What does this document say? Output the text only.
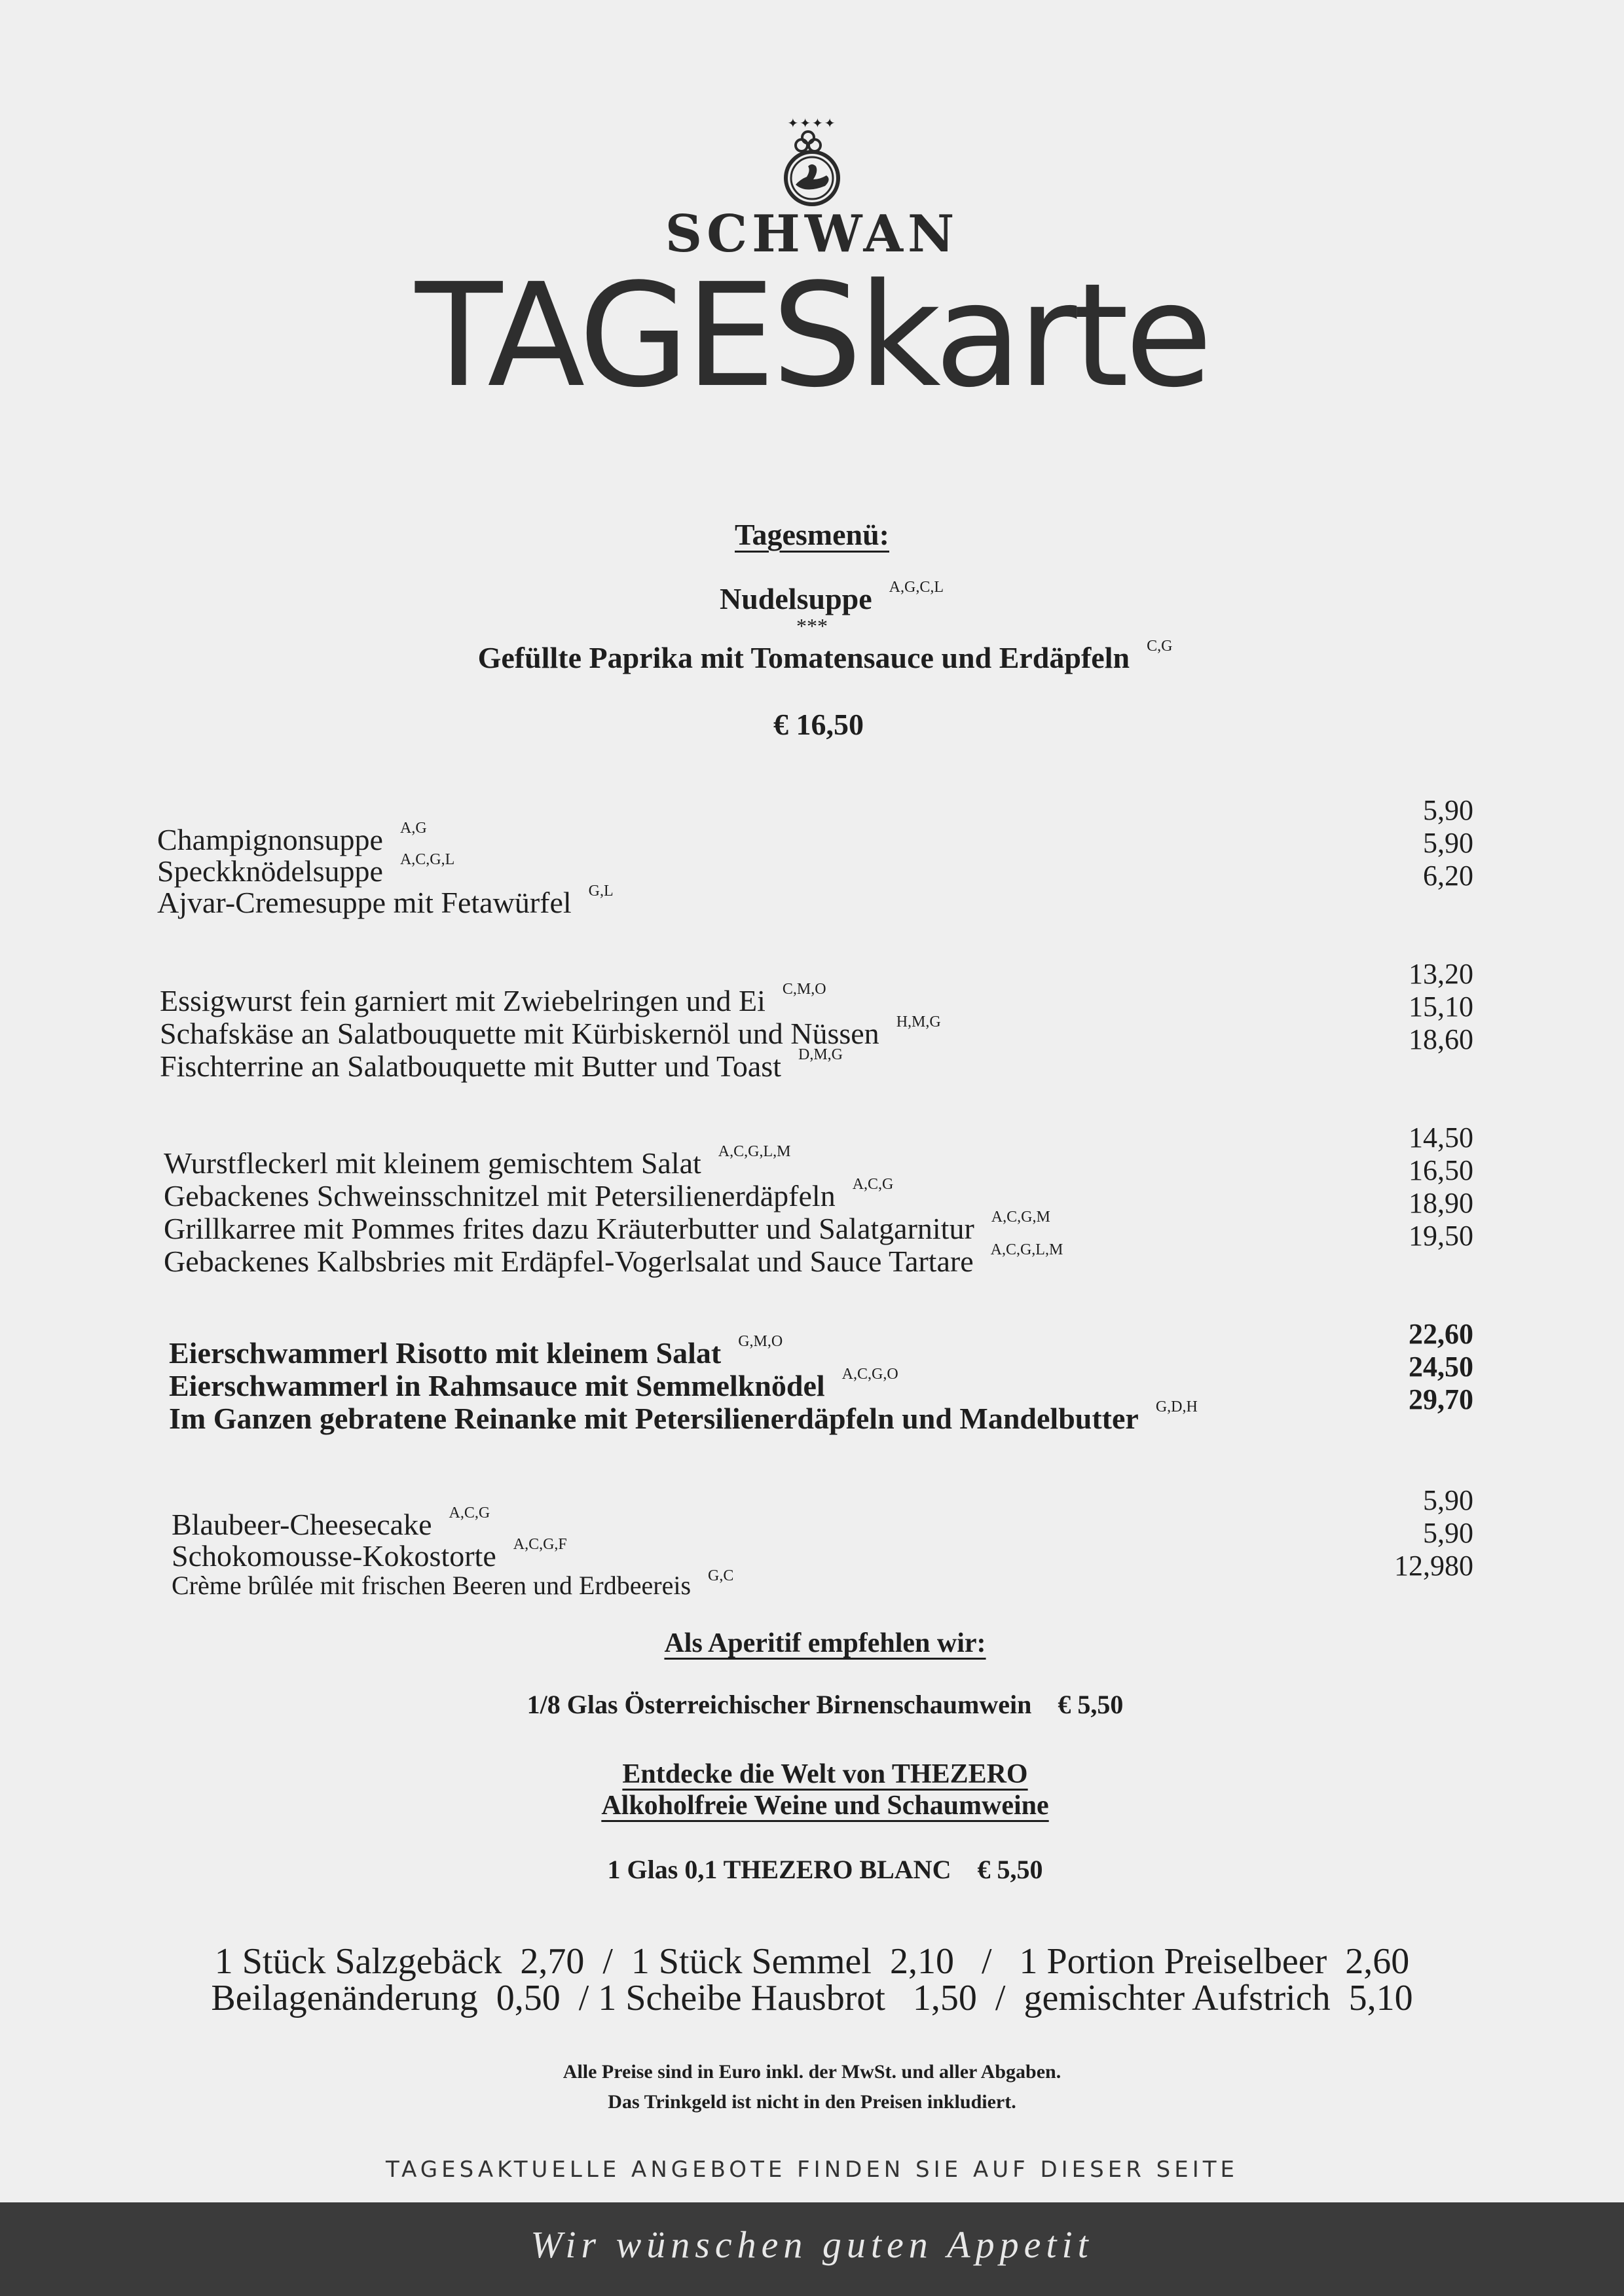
✦✦✦✦
SCHWAN
TAGESkarte
Tagesmenü:
Nudelsuppe $^{A,G,C,L}$
***
Gefüllte Paprika mit Tomatensauce und Erdäpfeln $^{C,G}$
€ 16,50
Champignonsuppe $^{A,G}$
Speckknödelsuppe $^{A,C,G,L}$
Ajvar-Cremesuppe mit Fetawürfel $^{G,L}$
5,90
5,90
6,20
Essigwurst fein garniert mit Zwiebelringen und Ei $^{C,M,O}$
Schafskäse an Salatbouquette mit Kürbiskernöl und Nüssen $^{H,M,G}$
Fischterrine an Salatbouquette mit Butter und Toast $^{D,M,G}$
13,20
15,10
18,60
Wurstfleckerl mit kleinem gemischtem Salat $^{A,C,G,L,M}$
Gebackenes Schweinsschnitzel mit Petersilienerdäpfeln $^{A,C,G}$
Grillkarree mit Pommes frites dazu Kräuterbutter und Salatgarnitur $^{A,C,G,M}$
Gebackenes Kalbsbries mit Erdäpfel-Vogerlsalat und Sauce Tartare $^{A,C,G,L,M}$
14,50
16,50
18,90
19,50
Eierschwammerl Risotto mit kleinem Salat $^{G,M,O}$
Eierschwammerl in Rahmsauce mit Semmelknödel $^{A,C,G,O}$
Im Ganzen gebratene Reinanke mit Petersilienerdäpfeln und Mandelbutter $^{G,D,H}$
22,60
24,50
29,70
Blaubeer-Cheesecake $^{A,C,G}$
Schokomousse-Kokostorte $^{A,C,G,F}$
Crème brûlée mit frischen Beeren und Erdbeereis $^{G,C}$
5,90
5,90
12,980
Als Aperitif empfehlen wir:
1/8 Glas Österreichischer Birnenschaumwein € 5,50
Entdecke die Welt von THEZERO
Alkoholfreie Weine und Schaumweine
1 Glas 0,1 THEZERO BLANC € 5,50
1 Stück Salzgebäck  2,70  /  1 Stück Semmel  2,10   /   1 Portion Preiselbeer  2,60
Beilagenänderung  0,50  / 1 Scheibe Hausbrot   1,50  /  gemischter Aufstrich  5,10
Alle Preise sind in Euro inkl. der MwSt. und aller Abgaben.
Das Trinkgeld ist nicht in den Preisen inkludiert.
TAGESAKTUELLE ANGEBOTE FINDEN SIE AUF DIESER SEITE
Wir wünschen guten Appetit
